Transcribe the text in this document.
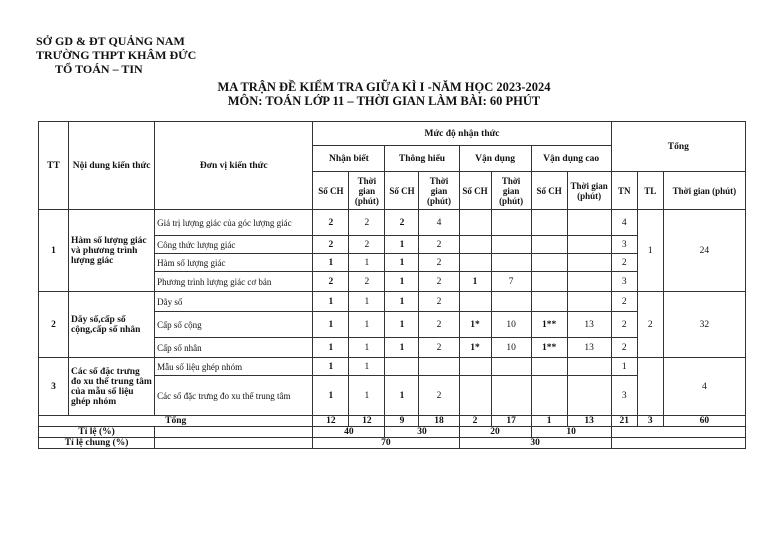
SỞ GD & ĐT QUẢNG NAM
TRƯỜNG THPT KHÂM ĐỨC
TỔ TOÁN – TIN
MA TRẬN ĐỀ KIỂM TRA GIỮA KÌ I -NĂM HỌC 2023-2024
MÔN: TOÁN LỚP 11 – THỜI GIAN LÀM BÀI: 60 PHÚT
TT	Nội dung kiến thức	Đơn vị kiến thức	Mức độ nhận thức								Tổng		
			Nhận biết		Thông hiểu		Vận dụng		Vận dụng cao				
			Số CH	Thời gian (phút)	Số CH	Thời gian (phút)	Số CH	Thời gian (phút)	Số CH	Thời gian (phút)	TN	TL	Thời gian (phút)
1	Hàm số lượng giác và phương trình lượng giác	Giá trị lượng giác của góc lượng giác	2	2	2	4					4	1	24
		Công thức lượng giác	2	2	1	2					3		
		Hàm số lượng giác	1	1	1	2					2		
		Phương trình lượng giác cơ bản	2	2	1	2	1	7			3		
2	Dãy số,cấp số cộng,cấp số nhân	Dãy số	1	1	1	2					2	2	32
		Cấp số cộng	1	1	1	2	1*	10	1**	13	2		
		Cấp số nhân	1	1	1	2	1*	10	1**	13	2		
3	Các số đặc trưng đo xu thế trung tâm của mẫu số liệu ghép nhóm	Mẫu số liệu ghép nhóm	1	1							1		4
		Các số đặc trưng đo xu thế trung tâm	1	1	1	2					3		
Tổng			12	12	9	18	2	17	1	13	21	3	60
Tỉ lệ (%)			40		30		20		10				
Tỉ lệ chung (%)			70				30						
